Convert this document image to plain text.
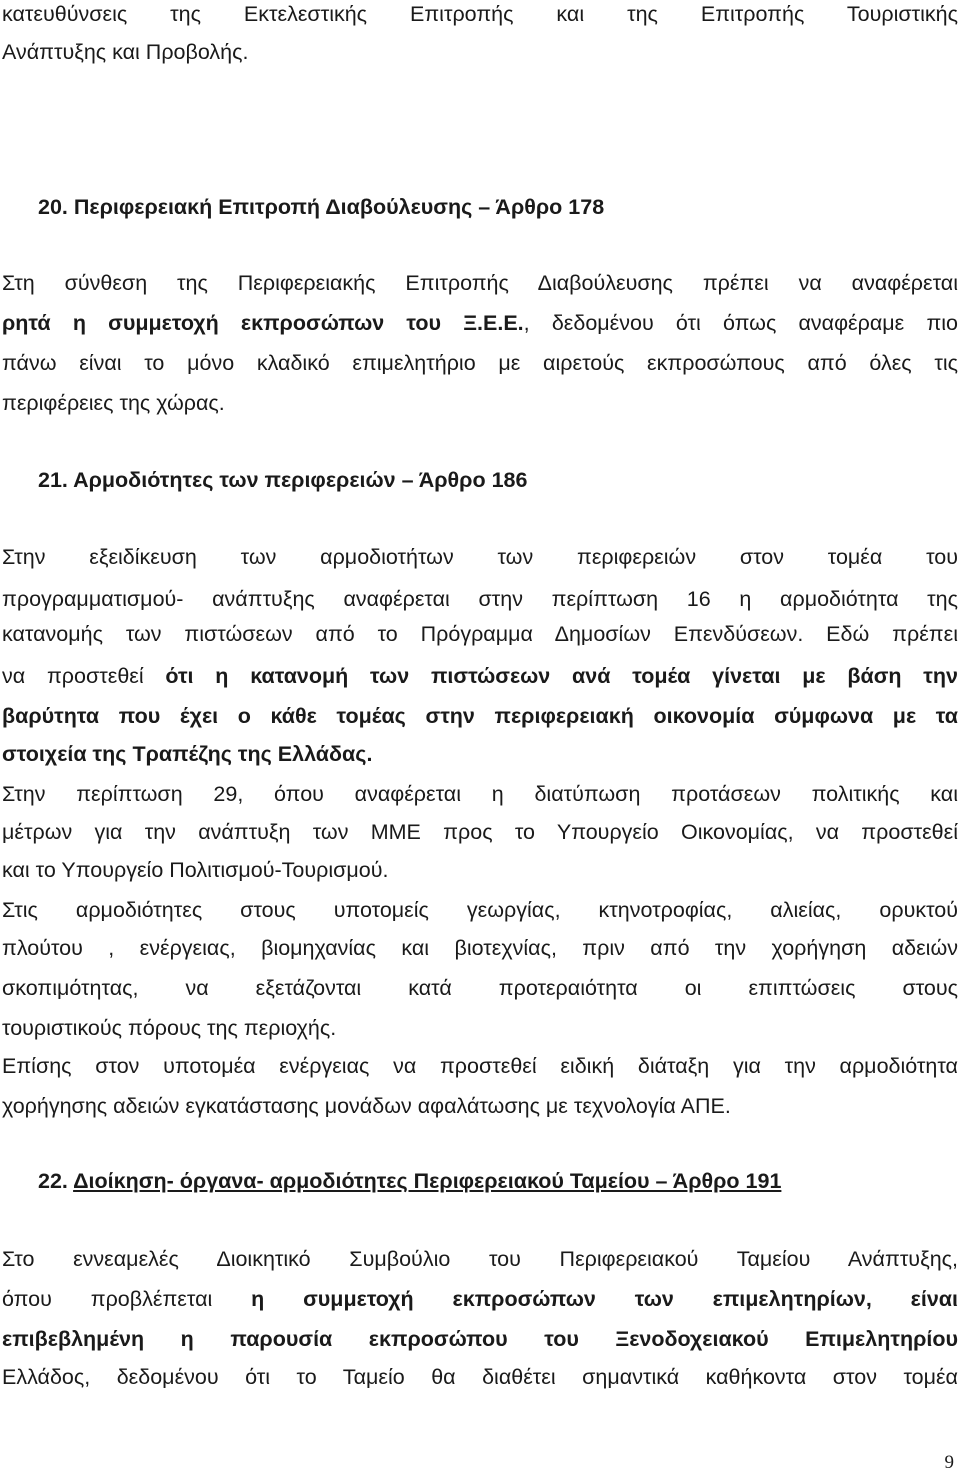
κατευθύνσεις της Εκτελεστικής Επιτροπής και της Επιτροπής Τουριστικής
Ανάπτυξης και Προβολής.
20. Περιφερειακή Επιτροπή Διαβούλευσης – Άρθρο 178
Στη σύνθεση της Περιφερειακής Επιτροπής Διαβούλευσης πρέπει να αναφέρεται
ρητά η συμμετοχή εκπροσώπων του Ξ.Ε.Ε., δεδομένου ότι όπως αναφέραμε πιο
πάνω είναι το μόνο κλαδικό επιμελητήριο με αιρετούς εκπροσώπους από όλες τις
περιφέρειες της χώρας.
21. Αρμοδιότητες των περιφερειών – Άρθρο 186
Στην εξειδίκευση των αρμοδιοτήτων των περιφερειών στον τομέα του
προγραμματισμού- ανάπτυξης αναφέρεται στην περίπτωση 16 η αρμοδιότητα της
κατανομής των πιστώσεων από το Πρόγραμμα Δημοσίων Επενδύσεων. Εδώ πρέπει
να προστεθεί ότι η κατανομή των πιστώσεων ανά τομέα γίνεται με βάση την
βαρύτητα που έχει ο κάθε τομέας στην περιφερειακή οικονομία σύμφωνα με τα
στοιχεία της Τραπέζης της Ελλάδας.
Στην περίπτωση 29, όπου αναφέρεται η διατύπωση προτάσεων πολιτικής και
μέτρων για την ανάπτυξη των ΜΜΕ προς το Υπουργείο Οικονομίας, να προστεθεί
και το Υπουργείο Πολιτισμού-Τουρισμού.
Στις αρμοδιότητες στους υποτομείς γεωργίας, κτηνοτροφίας, αλιείας, ορυκτού
πλούτου , ενέργειας, βιομηχανίας και βιοτεχνίας, πριν από την χορήγηση αδειών
σκοπιμότητας, να εξετάζονται κατά προτεραιότητα οι επιπτώσεις στους
τουριστικούς πόρους της περιοχής.
Επίσης στον υποτομέα ενέργειας να προστεθεί ειδική διάταξη για την αρμοδιότητα
χορήγησης αδειών εγκατάστασης μονάδων αφαλάτωσης με τεχνολογία ΑΠΕ.
22. Διοίκηση- όργανα- αρμοδιότητες Περιφερειακού Ταμείου – Άρθρο 191
Στο εννεαμελές Διοικητικό Συμβούλιο του Περιφερειακού Ταμείου Ανάπτυξης,
όπου προβλέπεται η συμμετοχή εκπροσώπων των επιμελητηρίων, είναι
επιβεβλημένη η παρουσία εκπροσώπου του Ξενοδοχειακού Επιμελητηρίου
Ελλάδος, δεδομένου ότι το Ταμείο θα διαθέτει σημαντικά καθήκοντα στον τομέα
9
